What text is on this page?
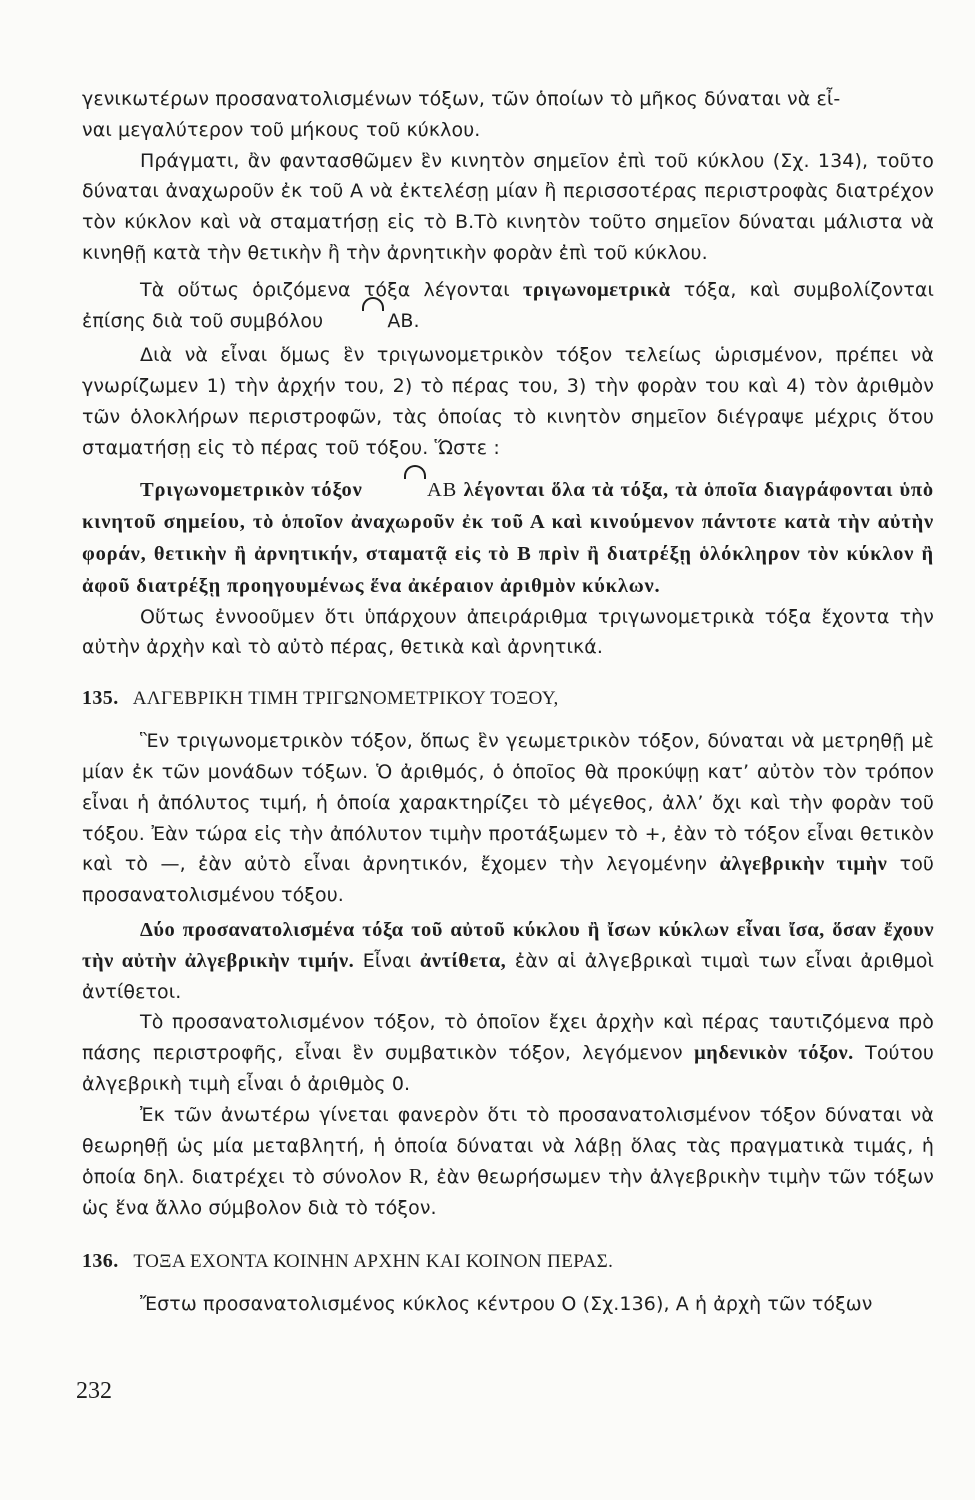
γενικωτέρων προσανατολισμένων τόξων, τῶν ὁποίων τὸ μῆκος δύναται νὰ εἶ-
ναι μεγαλύτερον τοῦ μήκους τοῦ κύκλου.

Πράγματι, ἂν φαντασθῶμεν ἓν κινητὸν σημεῖον ἐπὶ τοῦ κύκλου (Σχ. 134), τοῦτο δύναται ἀναχωροῦν ἐκ τοῦ Α νὰ ἐκτελέσῃ μίαν ἢ περισσοτέρας περιστροφὰς διατρέχον τὸν κύκλον καὶ νὰ σταματήσῃ εἰς τὸ Β.Τὸ κινητὸν τοῦτο σημεῖον δύναται μάλιστα νὰ κινηθῇ κατὰ τὴν θετικὴν ἢ τὴν ἀρνητικὴν φορὰν ἐπὶ τοῦ κύκλου.

Τὰ οὕτως ὁριζόμενα τόξα λέγονται τριγωνομετρικὰ τόξα, καὶ συμβολίζονται ἐπίσης διὰ τοῦ συμβόλου	ΑΒ.

Διὰ νὰ εἶναι ὅμως ἓν τριγωνομετρικὸν τόξον τελείως ὡρισμένον, πρέπει νὰ γνωρίζωμεν 1) τὴν ἀρχήν του, 2) τὸ πέρας του, 3) τὴν φορὰν του καὶ 4) τὸν ἀριθμὸν τῶν ὁλοκλήρων περιστροφῶν, τὰς ὁποίας τὸ κινητὸν σημεῖον διέγραψε μέχρις ὅτου σταματήσῃ εἰς τὸ πέρας τοῦ τόξου. Ὥστε :

Τριγωνομετρικὸν τόξον	ΑΒ λέγονται ὅλα τὰ τόξα, τὰ ὁποῖα διαγράφονται ὑπὸ κινητοῦ σημείου, τὸ ὁποῖον ἀναχωροῦν ἐκ τοῦ Α καὶ κινούμενον πάντοτε κατὰ τὴν αὐτὴν φοράν, θετικὴν ἢ ἀρνητικήν, σταματᾷ εἰς τὸ Β πρὶν ἢ διατρέξῃ ὁλόκληρον τὸν κύκλον ἢ ἀφοῦ διατρέξῃ προηγουμένως ἕνα ἀκέραιον ἀριθμὸν κύκλων.

Οὕτως ἐννοοῦμεν ὅτι ὑπάρχουν ἀπειράριθμα τριγωνομετρικὰ τόξα ἔχοντα τὴν αὐτὴν ἀρχὴν καὶ τὸ αὐτὸ πέρας, θετικὰ καὶ ἀρνητικά.

135. ΑΛΓΕΒΡΙΚΗ ΤΙΜΗ ΤΡΙΓΩΝΟΜΕΤΡΙΚΟΥ ΤΟΞΟΥ,

Ἓν τριγωνομετρικὸν τόξον, ὅπως ἓν γεωμετρικὸν τόξον, δύναται νὰ μετρηθῇ μὲ μίαν ἐκ τῶν μονάδων τόξων. Ὁ ἀριθμός, ὁ ὁποῖος θὰ προκύψῃ κατ’ αὐτὸν τὸν τρόπον εἶναι ἡ ἀπόλυτος τιμή, ἡ ὁποία χαρακτηρίζει τὸ μέγεθος, ἀλλ’ ὄχι καὶ τὴν φορὰν τοῦ τόξου. Ἐὰν τώρα εἰς τὴν ἀπόλυτον τιμὴν προτάξωμεν τὸ +, ἐὰν τὸ τόξον εἶναι θετικὸν καὶ τὸ —, ἐὰν αὐτὸ εἶναι ἀρνητικόν, ἔχομεν τὴν λεγομένην ἀλγεβρικὴν τιμὴν τοῦ προσανατολισμένου τόξου.

Δύο προσανατολισμένα τόξα τοῦ αὐτοῦ κύκλου ἢ ἴσων κύκλων εἶναι ἴσα, ὅσαν ἔχουν τὴν αὐτὴν ἀλγεβρικὴν τιμήν. Εἶναι ἀντίθετα, ἐὰν αἱ ἀλγεβρικαὶ τιμαὶ των εἶναι ἀριθμοὶ ἀντίθετοι.

Τὸ προσανατολισμένον τόξον, τὸ ὁποῖον ἔχει ἀρχὴν καὶ πέρας ταυτιζόμενα πρὸ πάσης περιστροφῆς, εἶναι ἓν συμβατικὸν τόξον, λεγόμενον μηδενικὸν τόξον. Τούτου ἀλγεβρικὴ τιμὴ εἶναι ὁ ἀριθμὸς 0.

Ἐκ τῶν ἀνωτέρω γίνεται φανερὸν ὅτι τὸ προσανατολισμένον τόξον δύναται νὰ θεωρηθῇ ὡς μία μεταβλητή, ἡ ὁποία δύναται νὰ λάβῃ ὅλας τὰς πραγματικὰ τιμάς, ἡ ὁποία δηλ. διατρέχει τὸ σύνολον R, ἐὰν θεωρήσωμεν τὴν ἀλγεβρικὴν τιμὴν τῶν τόξων ὡς ἕνα ἄλλο σύμβολον διὰ τὸ τόξον.

136. ΤΟΞΑ ΕΧΟΝΤΑ ΚΟΙΝΗΝ ΑΡΧΗΝ ΚΑΙ ΚΟΙΝΟΝ ΠΕΡΑΣ.

Ἔστω προσανατολισμένος κύκλος κέντρου Ο (Σχ.136), Α ἡ ἀρχὴ τῶν τόξων

232
